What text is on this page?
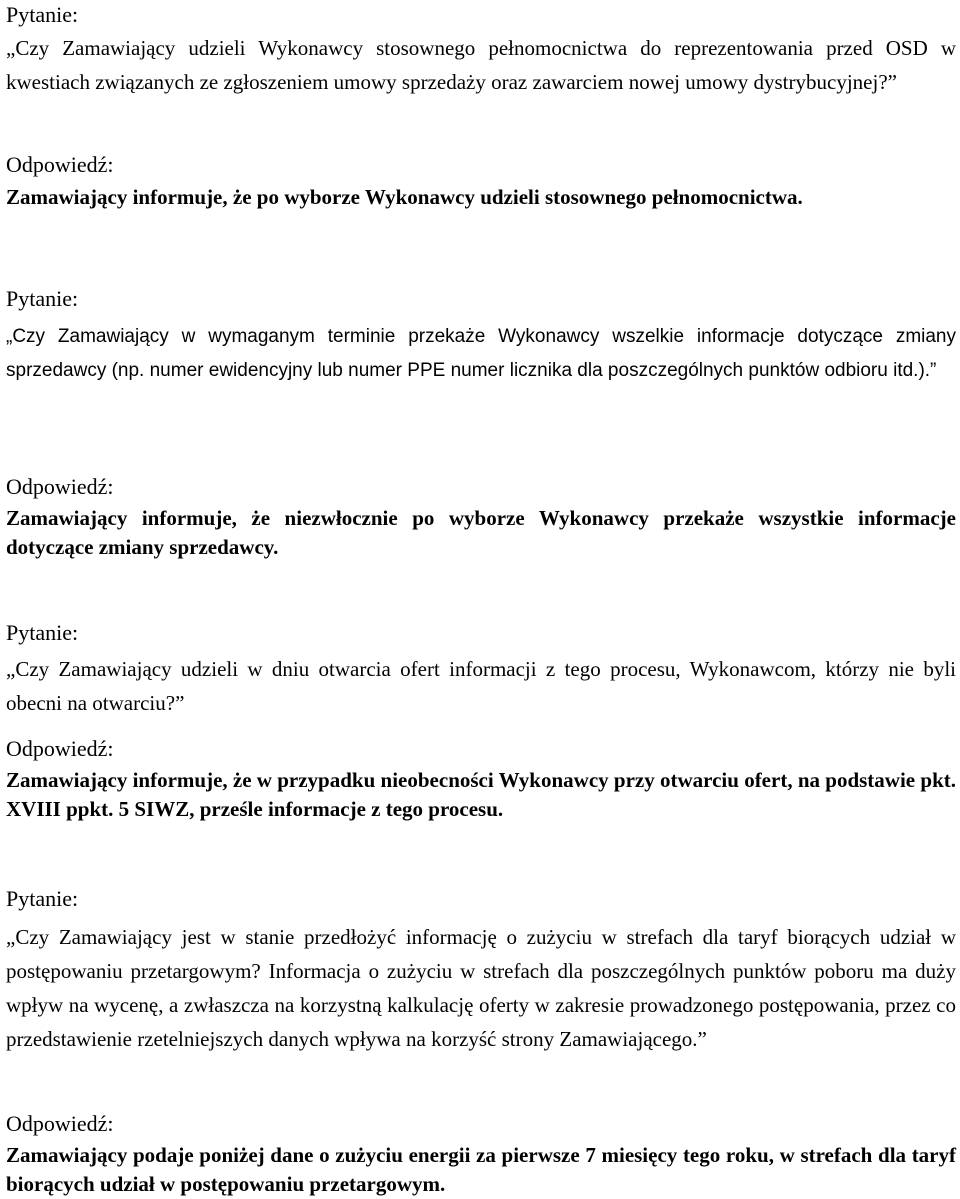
Pytanie:

„Czy Zamawiający udzieli Wykonawcy stosownego pełnomocnictwa do reprezentowania przed OSD w kwestiach związanych ze zgłoszeniem umowy sprzedaży oraz zawarciem nowej umowy dystrybucyjnej?”

Odpowiedź:

Zamawiający informuje, że po wyborze Wykonawcy udzieli stosownego pełnomocnictwa.

Pytanie:

„Czy Zamawiający w wymaganym terminie przekaże Wykonawcy wszelkie informacje dotyczące zmiany sprzedawcy (np. numer ewidencyjny lub numer PPE numer licznika dla poszczególnych punktów odbioru itd.).”

Odpowiedź:

Zamawiający informuje, że niezwłocznie po wyborze Wykonawcy przekaże wszystkie informacje dotyczące zmiany sprzedawcy.

Pytanie:

„Czy Zamawiający udzieli w dniu otwarcia ofert informacji z tego procesu, Wykonawcom, którzy nie byli obecni na otwarciu?”

Odpowiedź:

Zamawiający informuje, że w przypadku nieobecności Wykonawcy przy otwarciu ofert, na podstawie pkt. XVIII ppkt. 5 SIWZ, prześle informacje z tego procesu.

Pytanie:

„Czy Zamawiający jest w stanie przedłożyć informację o zużyciu w strefach dla taryf biorących udział w postępowaniu przetargowym? Informacja o zużyciu w strefach dla poszczególnych punktów poboru ma duży wpływ na wycenę, a zwłaszcza na korzystną kalkulację oferty w zakresie prowadzonego postępowania, przez co przedstawienie rzetelniejszych danych wpływa na korzyść strony Zamawiającego.”

Odpowiedź:

Zamawiający podaje poniżej dane o zużyciu energii za pierwsze 7 miesięcy tego roku, w strefach dla taryf biorących udział w postępowaniu przetargowym.
